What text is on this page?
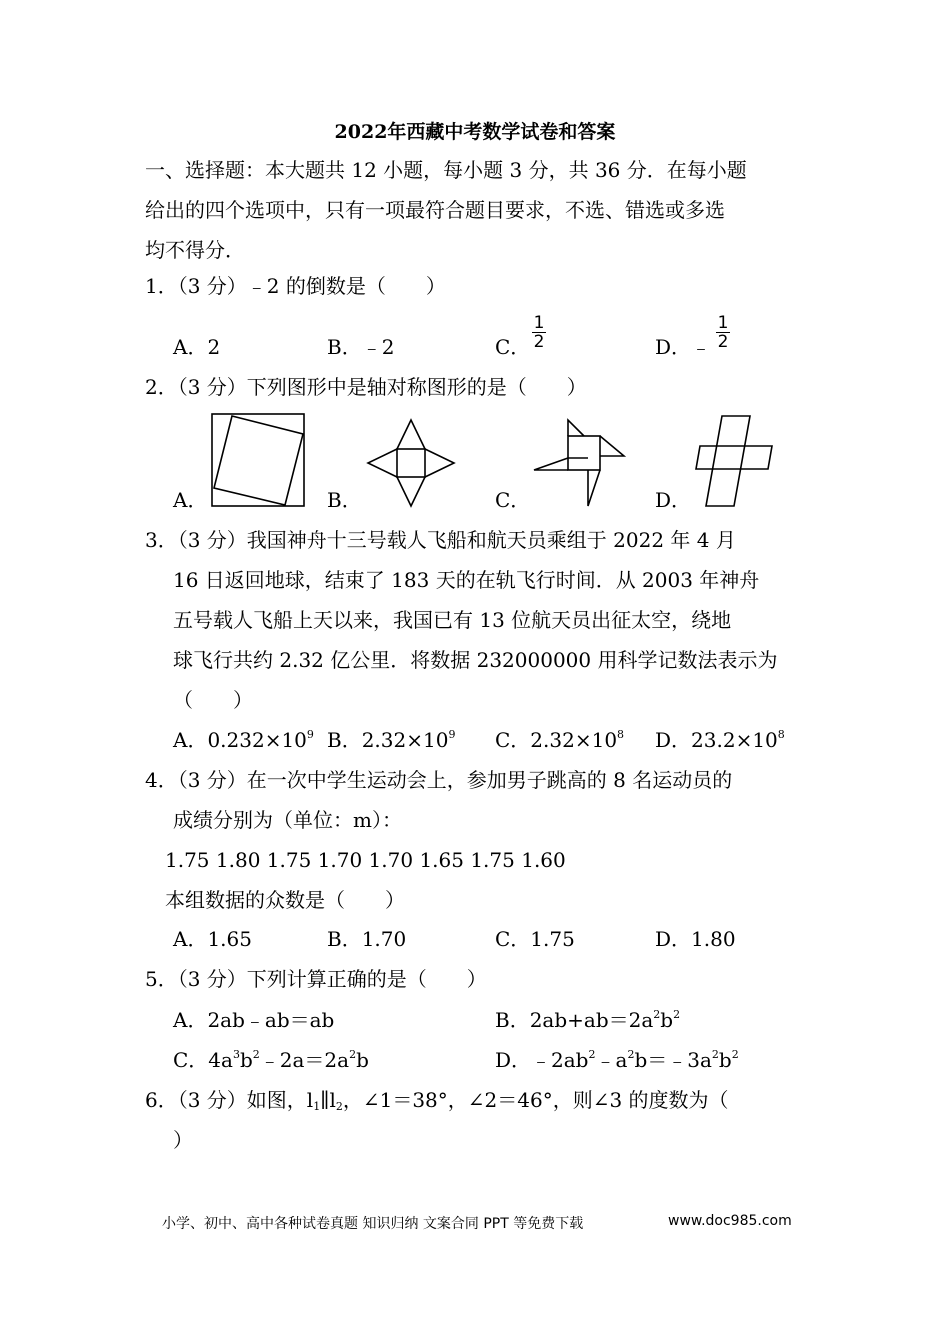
2022年西藏中考数学试卷和答案
一、选择题：本大题共 12 小题，每小题 3 分，共 36 分．在每小题
给出的四个选项中，只有一项最符合题目要求，不选、错选或多选
均不得分．
1．（3 分）﹣2 的倒数是（　　）
A．2	B．﹣2	C．
1
2	D．﹣
1
2
2．（3 分）下列图形中是轴对称图形的是（　　）
A．	B．	C．	D．
3．（3 分）我国神舟十三号载人飞船和航天员乘组于 2022 年 4 月
16 日返回地球，结束了 183 天的在轨飞行时间．从 2003 年神舟
五号载人飞船上天以来，我国已有 13 位航天员出征太空，绕地
球飞行共约 2.32 亿公里．将数据 232000000 用科学记数法表示为
（　　）
A．$0.232\times 10^9$ B．$2.32\times 10^9$ C．$2.32\times 10^8$ D．$23.2\times 10^8$
4．（3 分）在一次中学生运动会上，参加男子跳高的 8 名运动员的
成绩分别为（单位：m）：
1.75 1.80 1.75 1.70 1.70 1.65 1.75 1.60
本组数据的众数是（　　）
A．1.65	B．1.70	C．1.75	D．1.80
5．（3 分）下列计算正确的是（　　）
A．2ab﹣ab＝ab	B．$2ab+ab=2a^2b^2$
C．$4a^3b^2﹣2a=2a^2b$	D．$﹣2ab^2﹣a^2b=﹣3a^2b^2$
6．（3 分）如图，$l_1\parallel l_2$，∠1＝38°，∠2＝46°，则∠3 的度数为（
）
小学、初中、高中各种试卷真题 知识归纳 文案合同 PPT 等免费下载	www.doc985.com
